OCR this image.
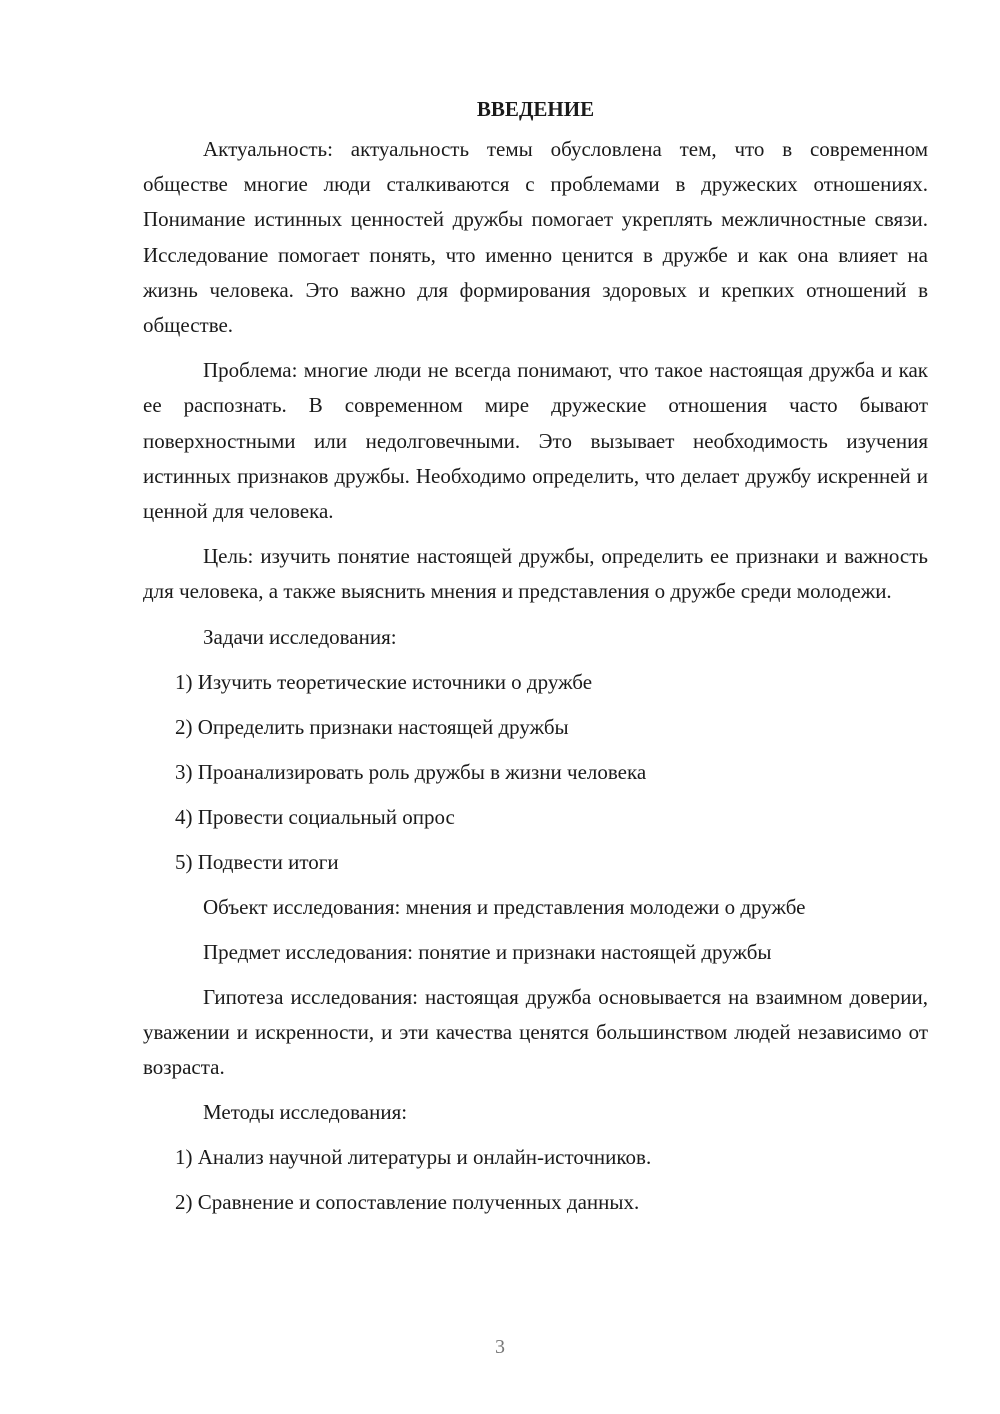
ВВЕДЕНИЕ

Актуальность: актуальность темы обусловлена тем, что в современном обществе многие люди сталкиваются с проблемами в дружеских отношениях. Понимание истинных ценностей дружбы помогает укреплять межличностные связи. Исследование помогает понять, что именно ценится в дружбе и как она влияет на жизнь человека. Это важно для формирования здоровых и крепких отношений в обществе.

Проблема: многие люди не всегда понимают, что такое настоящая дружба и как ее распознать. В современном мире дружеские отношения часто бывают поверхностными или недолговечными. Это вызывает необходимость изучения истинных признаков дружбы. Необходимо определить, что делает дружбу искренней и ценной для человека.

Цель: изучить понятие настоящей дружбы, определить ее признаки и важность для человека, а также выяснить мнения и представления о дружбе среди молодежи.

Задачи исследования:
1) Изучить теоретические источники о дружбе
2) Определить признаки настоящей дружбы
3) Проанализировать роль дружбы в жизни человека
4) Провести социальный опрос
5) Подвести итоги
Объект исследования: мнения и представления молодежи о дружбе
Предмет исследования: понятие и признаки настоящей дружбы

Гипотеза исследования: настоящая дружба основывается на взаимном доверии, уважении и искренности, и эти качества ценятся большинством людей независимо от возраста.

Методы исследования:
1) Анализ научной литературы и онлайн-источников.
2) Сравнение и сопоставление полученных данных.
3
